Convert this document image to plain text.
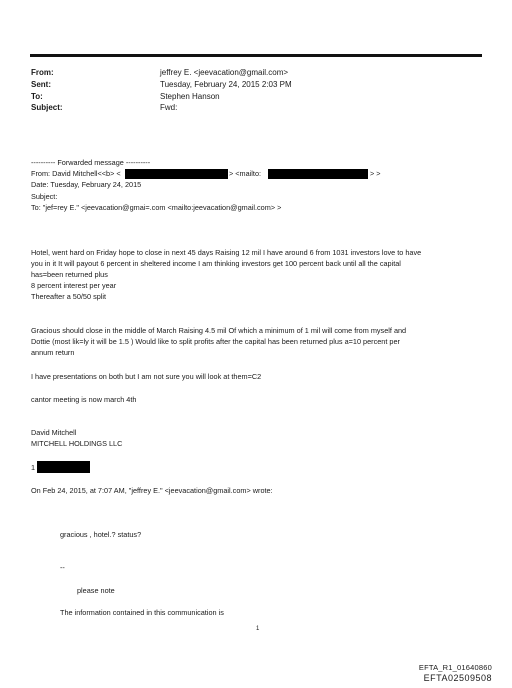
From:	jeffrey E. <jeevacation@gmail.com>
Sent:	Tuesday, February 24, 2015 2:03 PM
To:	Stephen Hanson
Subject:	Fwd:
---------- Forwarded message ----------
From: David Mitchell<<b> <	> <mailto:	> >
Date: Tuesday, February 24, 2015
Subject:
To: "jef=rey E." <jeevacation@gmai=.com <mailto:jeevacation@gmail.com> >
Hotel, went hard on Friday hope to close in next 45 days Raising 12 mil I have around 6 from 1031 investors love to have
you in it It will payout 6 percent in sheltered income I am thinking investors get 100 percent back until all the capital
has=been returned plus
8 percent interest per year
Thereafter a 50/50 split
Gracious should close in the middle of March Raising 4.5 mil Of which a minimum of 1 mil will come from myself and
Dottie (most lik=ly it will be 1.5 ) Would like to split profits after the capital has been returned plus a=10 percent per
annum return
I have presentations on both but I am not sure you will look at them=C2
cantor meeting is now march 4th
David Mitchell
MITCHELL HOLDINGS LLC
1
On Feb 24, 2015, at 7:07 AM, "jeffrey E." <jeevacation@gmail.com> wrote:
gracious , hotel.? status?
--
please note
The information contained in this communication is
1
EFTA_R1_01640860
EFTA02509508
